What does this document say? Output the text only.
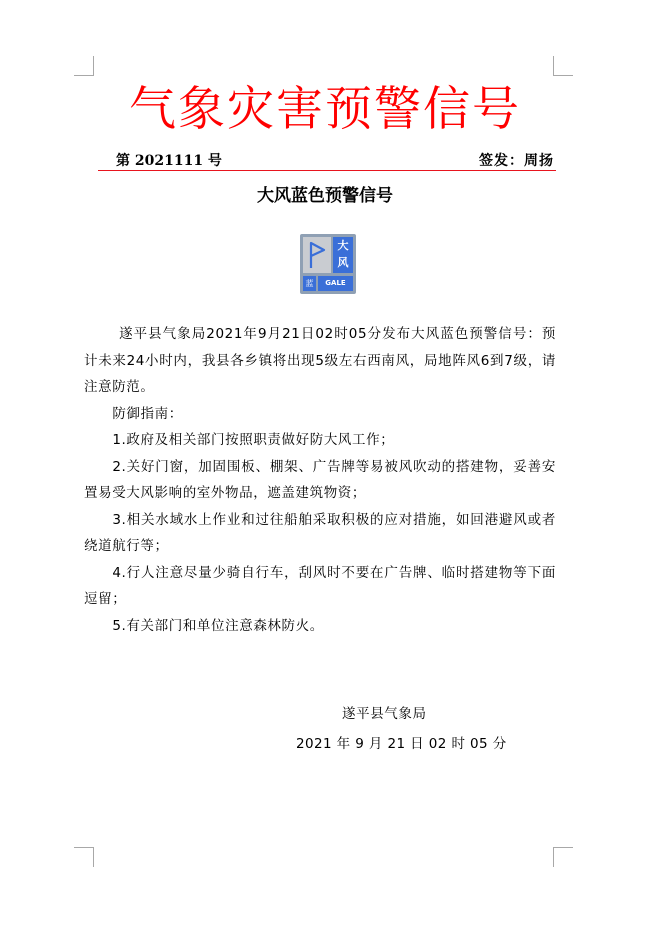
气象灾害预警信号
第 2021111 号	签发：周扬
大风蓝色预警信号
大
风
蓝	GALE

遂平县气象局2021年9月21日02时05分发布大风蓝色预警信号：预计未来24小时内，我县各乡镇将出现5级左右西南风，局地阵风6到7级，请注意防范。

防御指南：

1.政府及相关部门按照职责做好防大风工作；

2.关好门窗，加固围板、棚架、广告牌等易被风吹动的搭建物，妥善安置易受大风影响的室外物品，遮盖建筑物资；

3.相关水域水上作业和过往船舶采取积极的应对措施，如回港避风或者绕道航行等；

4.行人注意尽量少骑自行车，刮风时不要在广告牌、临时搭建物等下面逗留；

5.有关部门和单位注意森林防火。

遂平县气象局
2021 年 9 月 21 日 02 时 05 分
